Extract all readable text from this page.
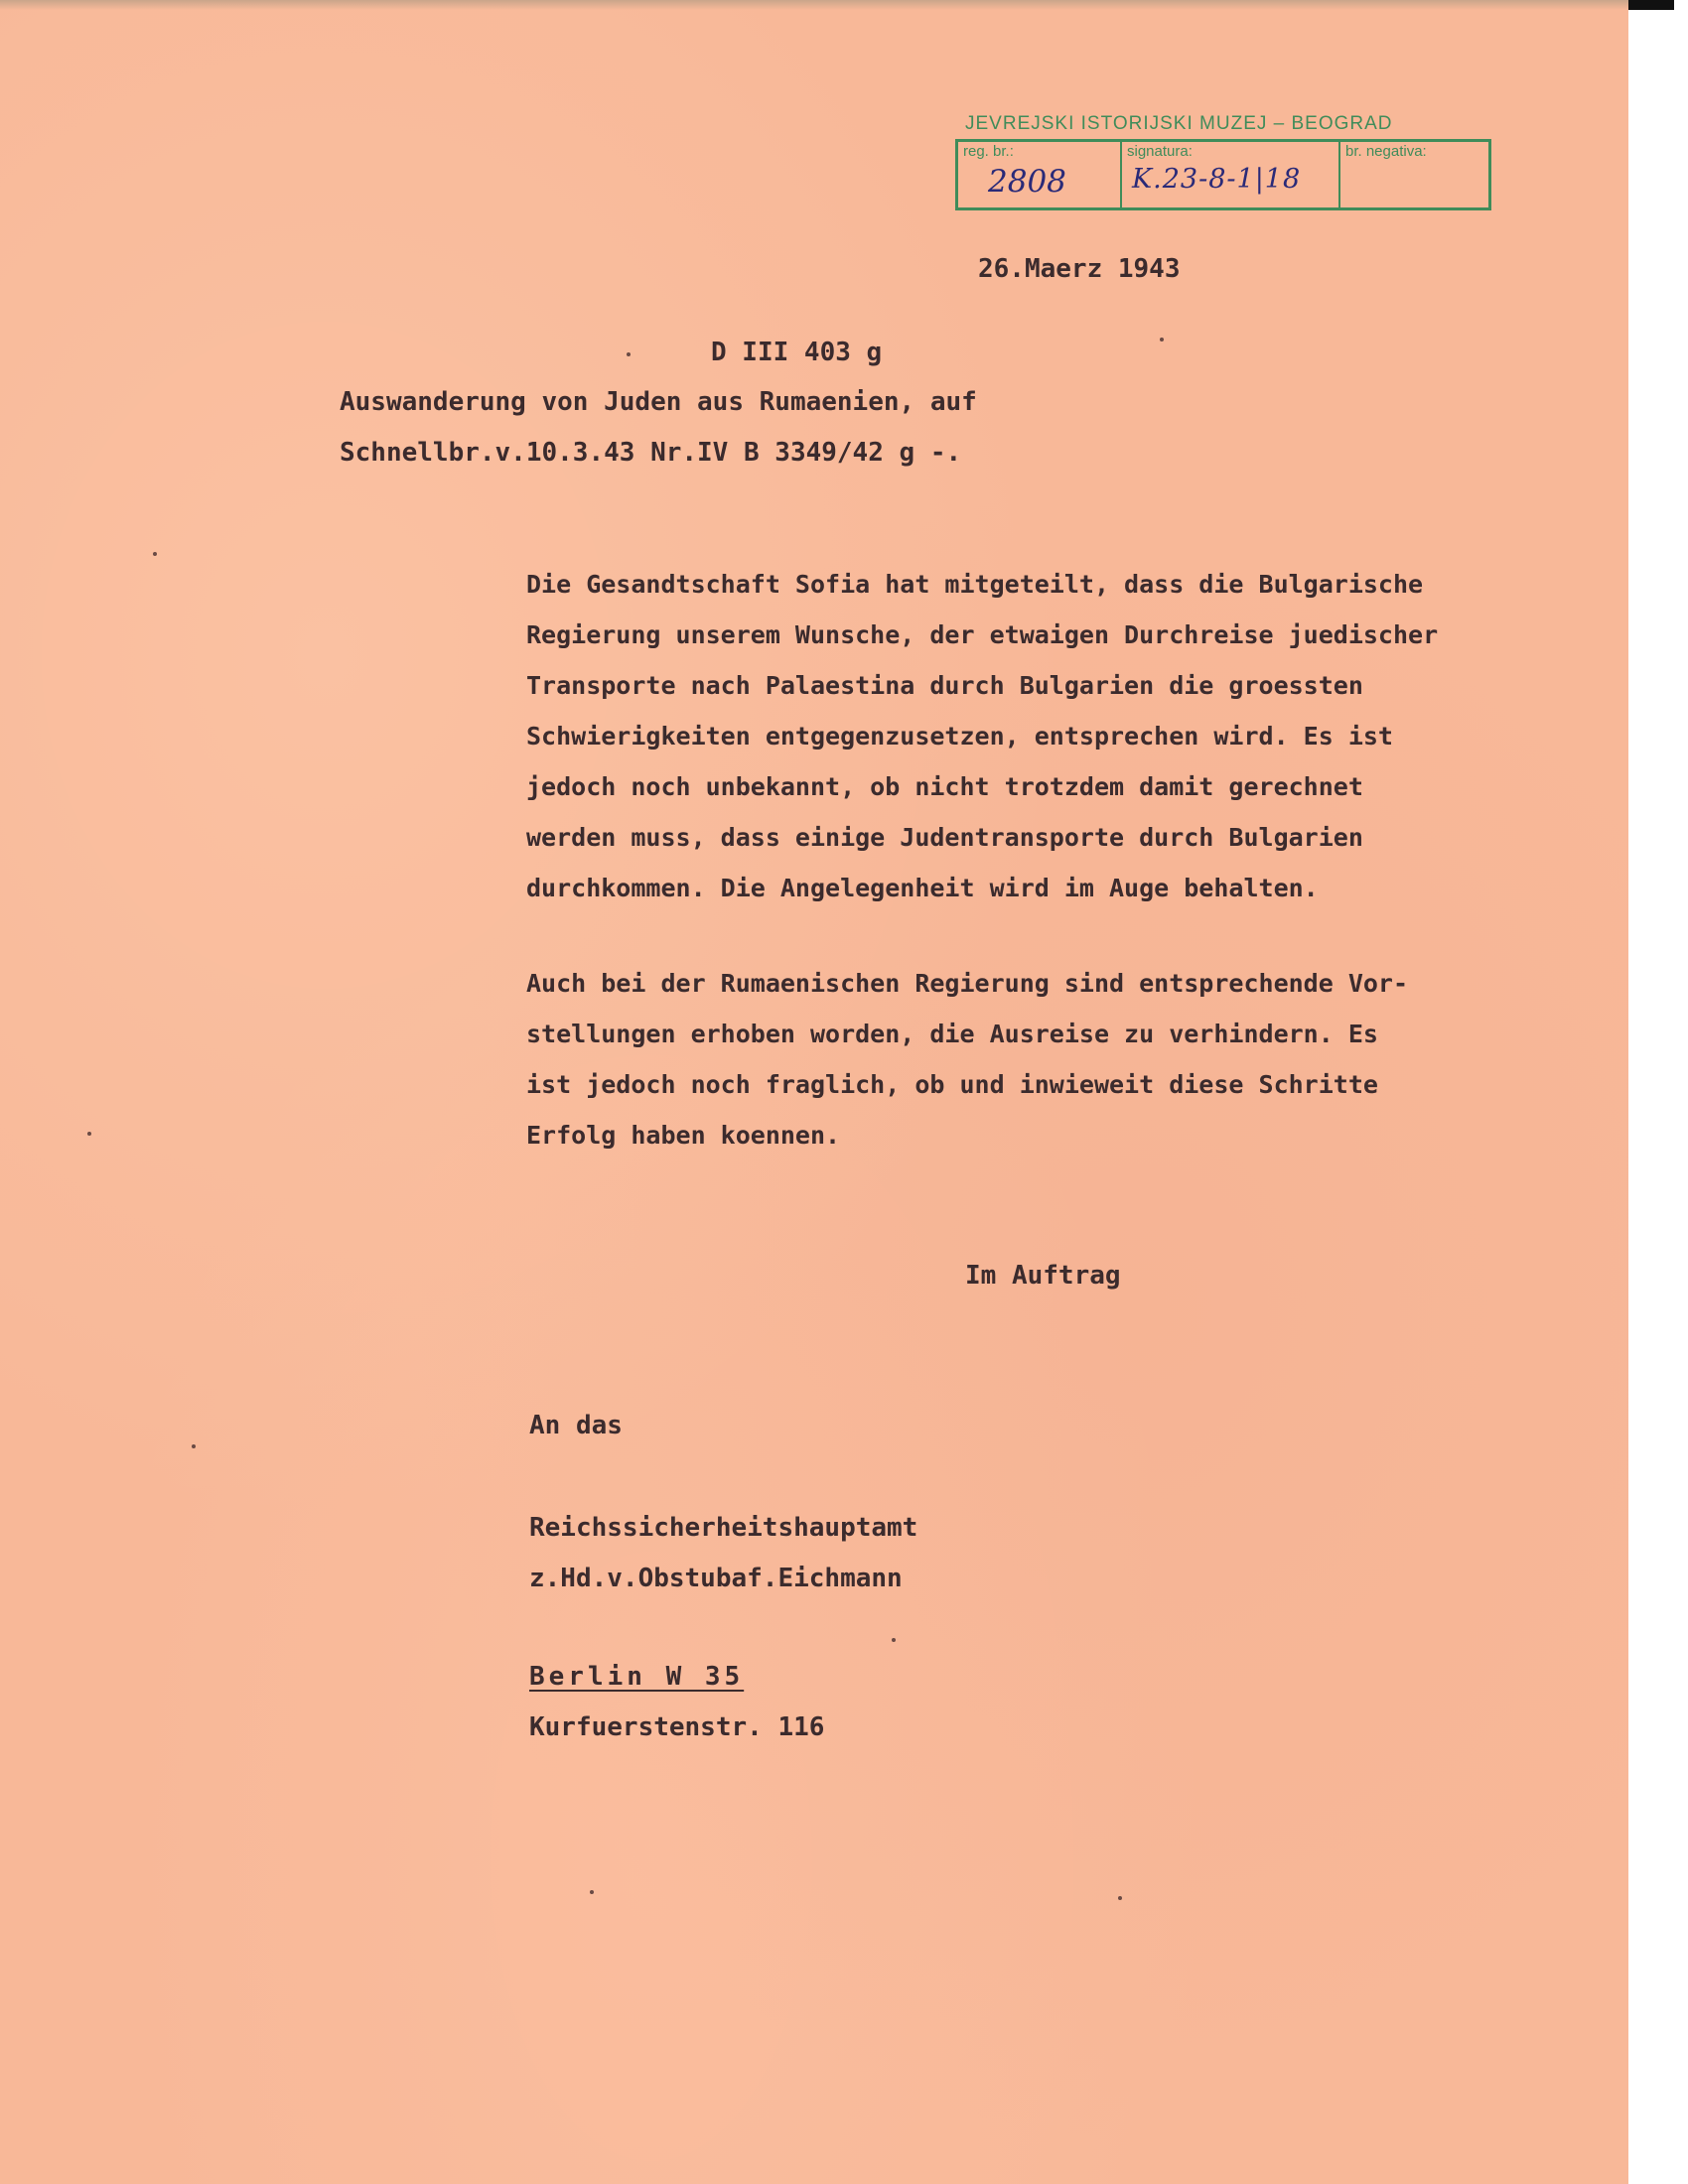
JEVREJSKI ISTORIJSKI MUZEJ – BEOGRAD
reg. br.:
2808
signatura:
K.23-8-1|18
br. negativa:
26.Maerz 1943
D III 403 g
Auswanderung von Juden aus Rumaenien, auf
Schnellbr.v.10.3.43 Nr.IV B 3349/42 g -.
Die Gesandtschaft Sofia hat mitgeteilt, dass die Bulgarische
Regierung unserem Wunsche, der etwaigen Durchreise juedischer
Transporte nach Palaestina durch Bulgarien die groessten
Schwierigkeiten entgegenzusetzen, entsprechen wird. Es ist
jedoch noch unbekannt, ob nicht trotzdem damit gerechnet
werden muss, dass einige Judentransporte durch Bulgarien
durchkommen. Die Angelegenheit wird im Auge behalten.
Auch bei der Rumaenischen Regierung sind entsprechende Vor-
stellungen erhoben worden, die Ausreise zu verhindern. Es
ist jedoch noch fraglich, ob und inwieweit diese Schritte
Erfolg haben koennen.
Im Auftrag
An das
Reichssicherheitshauptamt
z.Hd.v.Obstubaf.Eichmann
Berlin W 35
Kurfuerstenstr. 116
